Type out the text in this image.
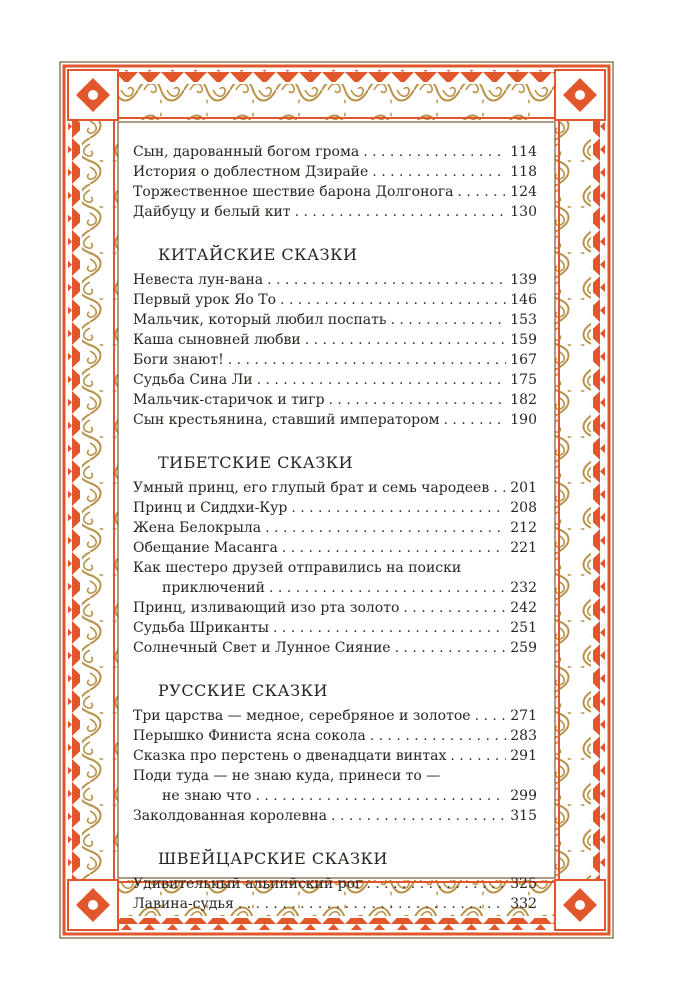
Сын, дарованный богом грома . . .	114
История о доблестном Дзирайе . . .	118
Торжественное шествие барона Долгонога . . .	124
Дайбуцу и белый кит . . .	130
КИТАЙСКИЕ СКАЗКИ
Невеста лун-вана . . .	139
Первый урок Яо То . . .	146
Мальчик, который любил поспать . . .	153
Каша сыновней любви . . .	159
Боги знают! . . .	167
Судьба Сина Ли . . .	175
Мальчик-старичок и тигр . . .	182
Сын крестьянина, ставший императором . . .	190
ТИБЕТСКИЕ СКАЗКИ
Умный принц, его глупый брат и семь чародеев . . . 201
Принц и Сиддхи-Кур . . .	208
Жена Белокрыла . . .	212
Обещание Масанга . . .	221
Как шестеро друзей отправились на поиски
приключений . . .	232
Принц, изливающий изо рта золото . . .	242
Судьба Шриканты . . .	251
Солнечный Свет и Лунное Сияние . . .	259
РУССКИЕ СКАЗКИ
Три царства — медное, серебряное и золотое . . .	271
Перышко Финиста ясна сокола . . .	283
Сказка про перстень о двенадцати винтах . . .	291
Поди туда — не знаю куда, принеси то —
не знаю что . . .	299
Заколдованная королевна . . .	315
ШВЕЙЦАРСКИЕ СКАЗКИ
Удивительный альпийский рог . . .	325
Лавина-судья . . .	332
